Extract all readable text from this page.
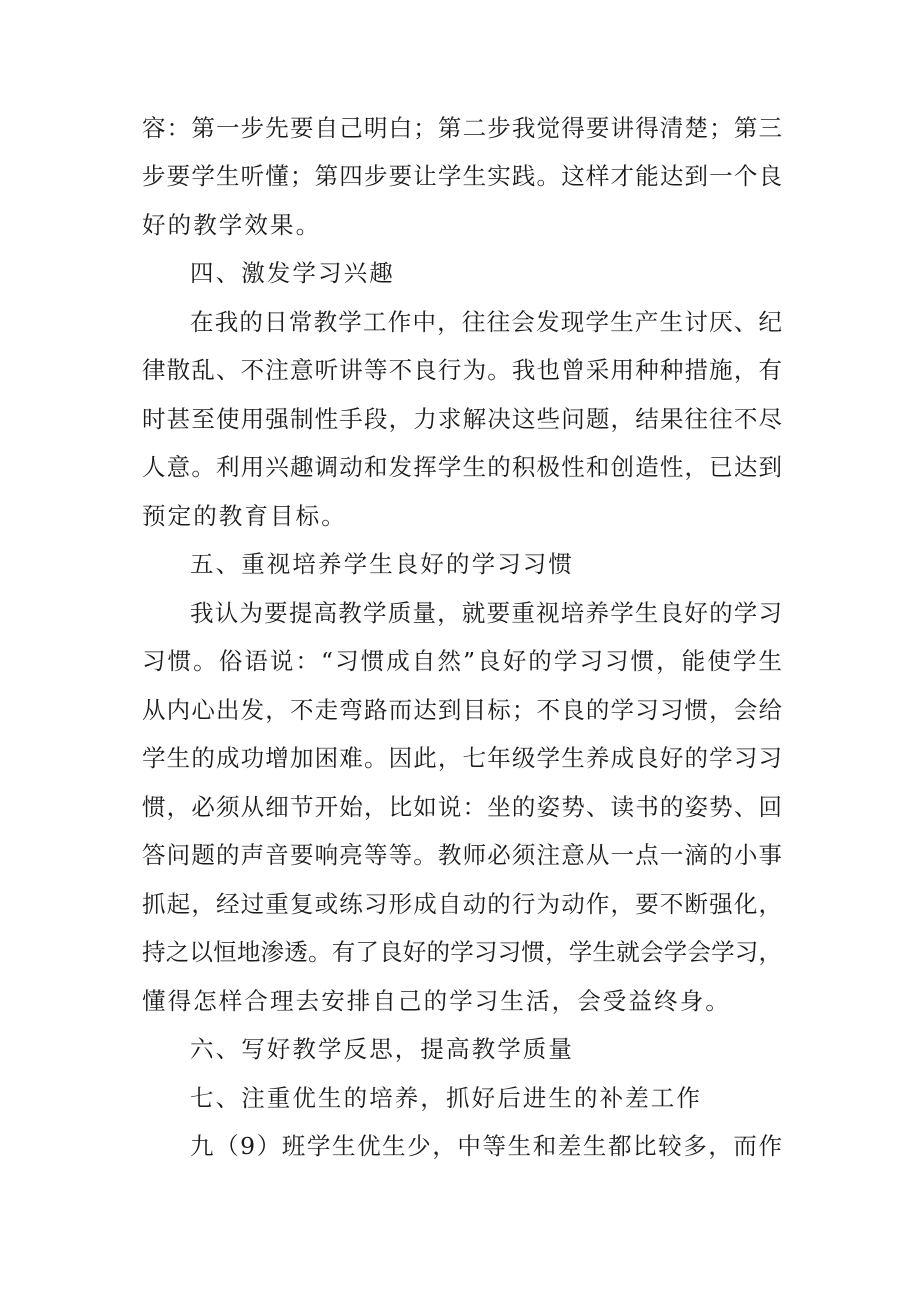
容：第一步先要自己明白；第二步我觉得要讲得清楚；第三
步要学生听懂；第四步要让学生实践。这样才能达到一个良
好的教学效果。
四、激发学习兴趣
在我的日常教学工作中，往往会发现学生产生讨厌、纪
律散乱、不注意听讲等不良行为。我也曾采用种种措施，有
时甚至使用强制性手段，力求解决这些问题，结果往往不尽
人意。利用兴趣调动和发挥学生的积极性和创造性，已达到
预定的教育目标。
五、重视培养学生良好的学习习惯
我认为要提高教学质量，就要重视培养学生良好的学习
习惯。俗语说：“习惯成自然”良好的学习习惯，能使学生
从内心出发，不走弯路而达到目标；不良的学习习惯，会给
学生的成功增加困难。因此，七年级学生养成良好的学习习
惯，必须从细节开始，比如说：坐的姿势、读书的姿势、回
答问题的声音要响亮等等。教师必须注意从一点一滴的小事
抓起，经过重复或练习形成自动的行为动作，要不断强化，
持之以恒地渗透。有了良好的学习习惯，学生就会学会学习，
懂得怎样合理去安排自己的学习生活，会受益终身。
六、写好教学反思，提高教学质量
七、注重优生的培养，抓好后进生的补差工作
九（9）班学生优生少，中等生和差生都比较多，而作
